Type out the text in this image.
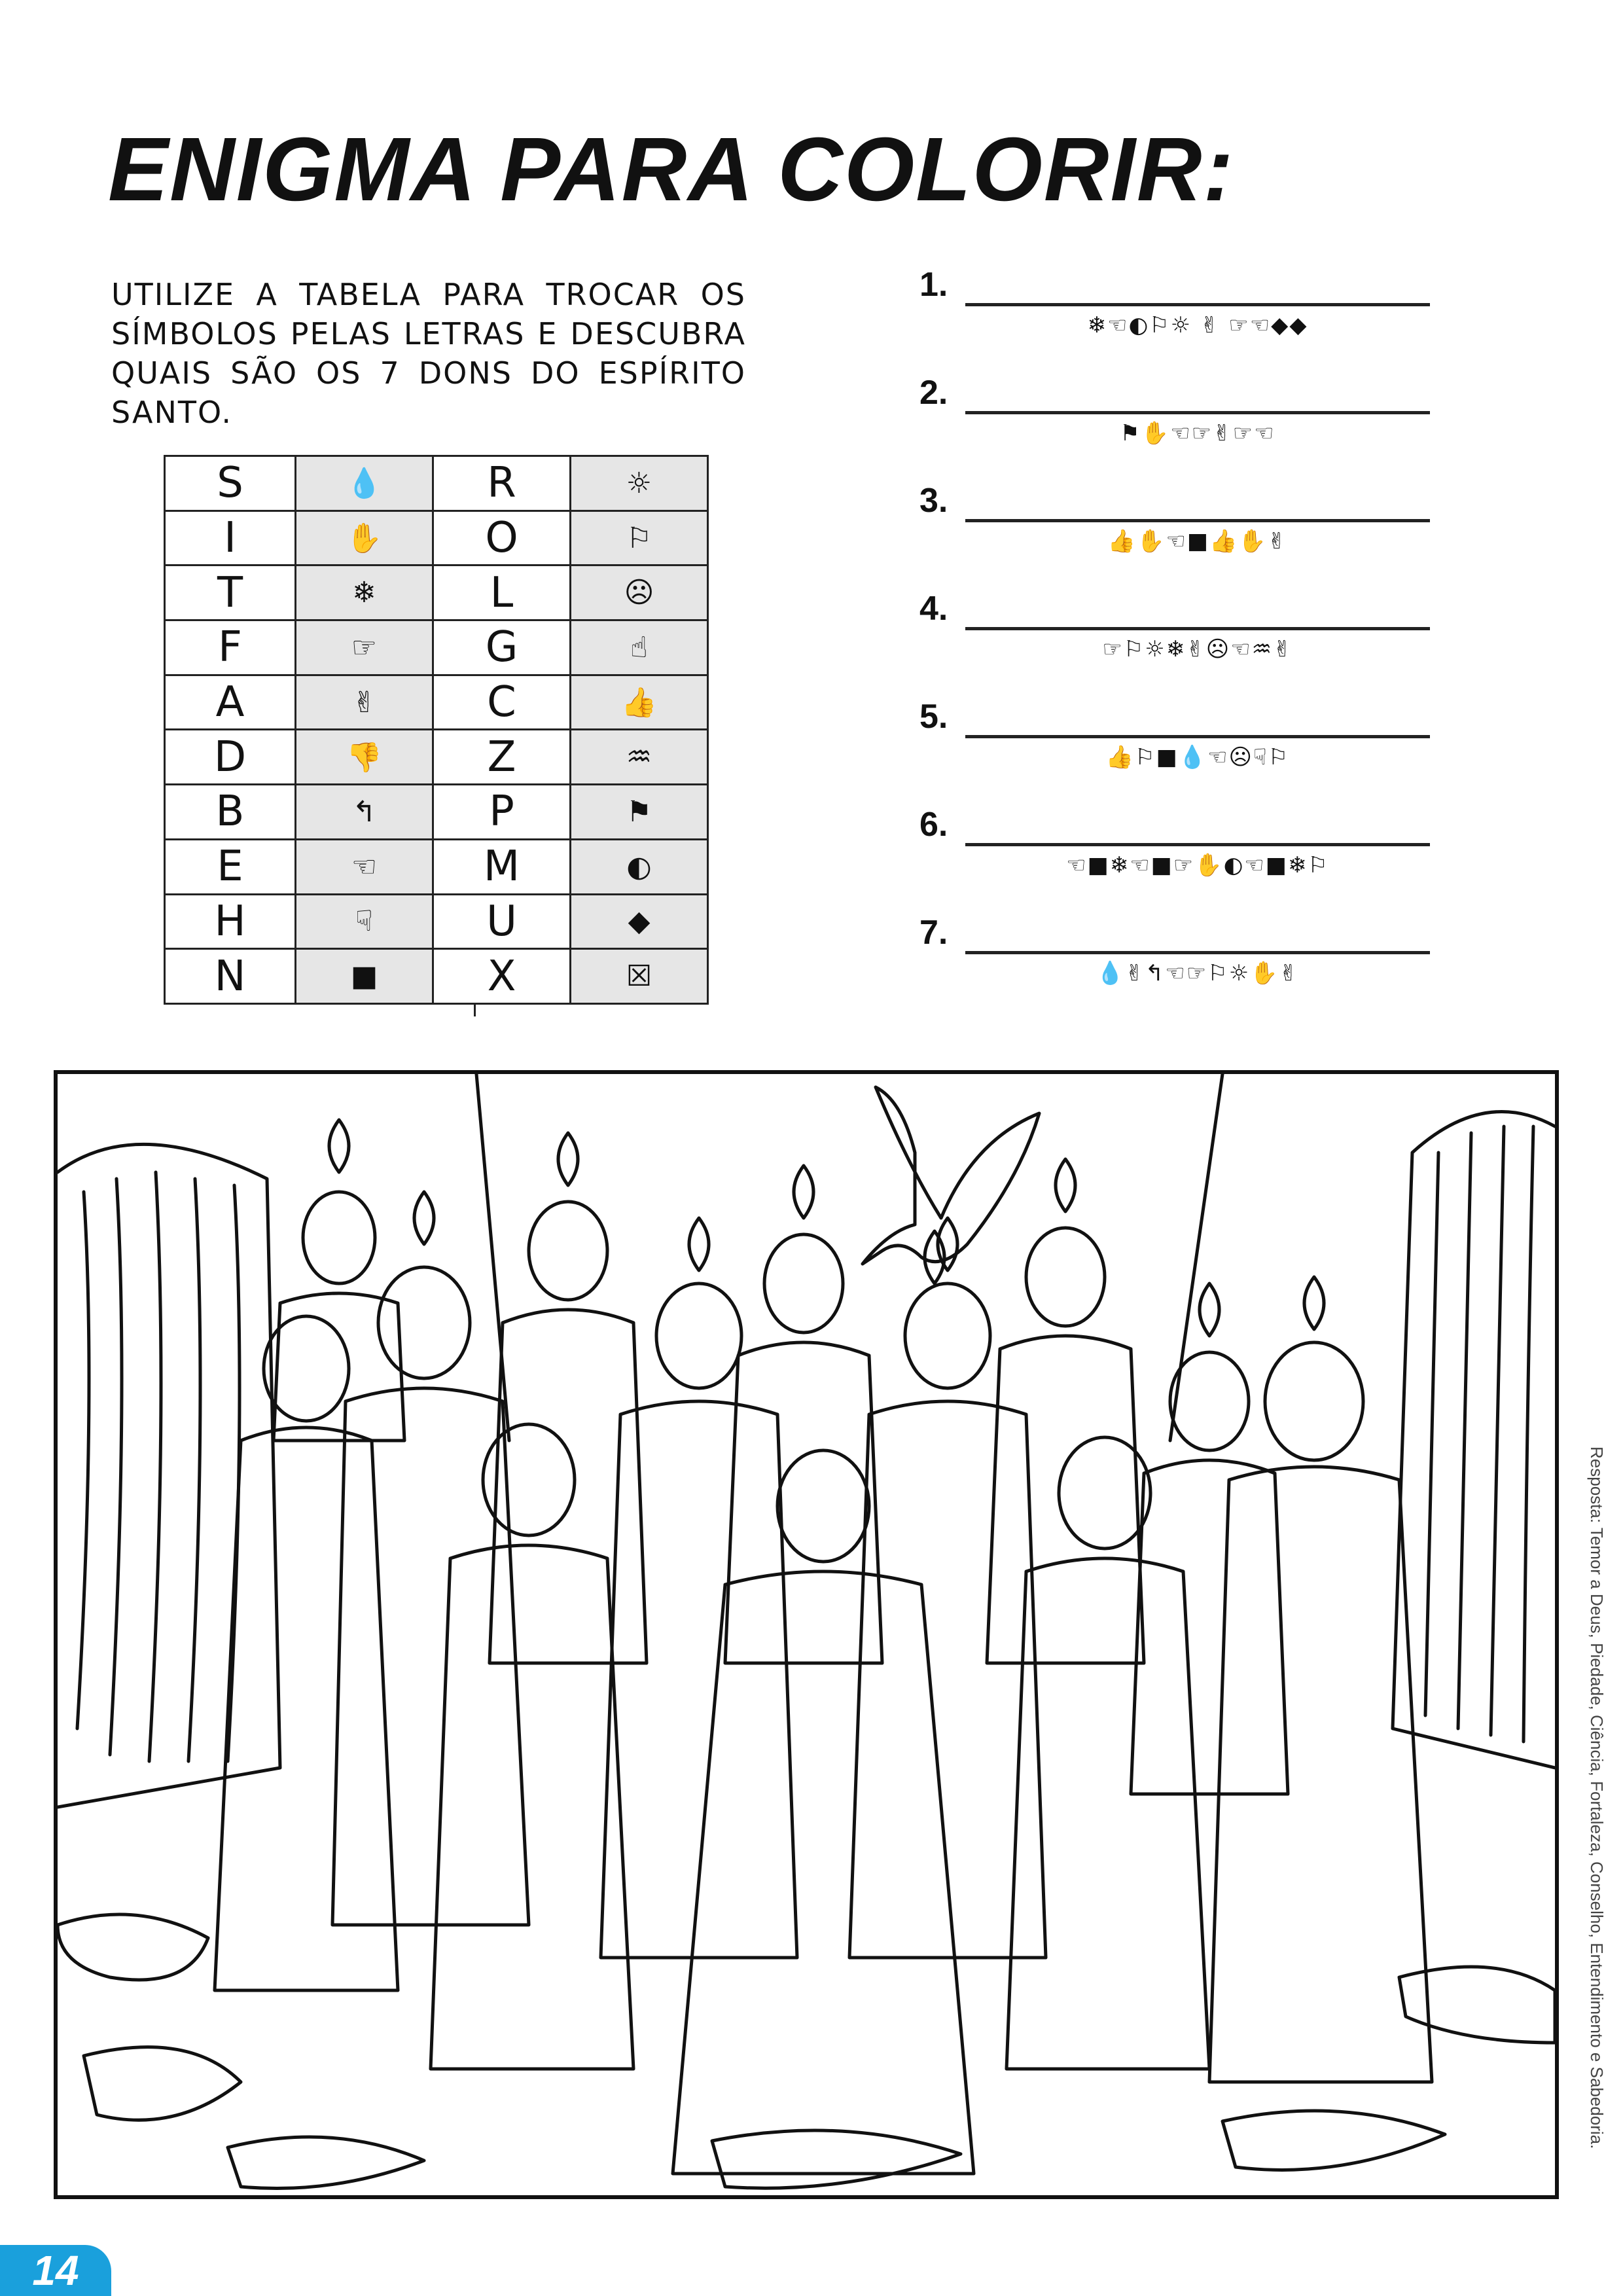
ENIGMA PARA COLORIR:

UTILIZE A TABELA PARA TROCAR OS SÍMBOLOS PELAS LETRAS E DESCUBRA QUAIS SÃO OS 7 DONS DO ESPÍRITO SANTO.

S	💧	R	☼
I	✋	O	⚐
T	❄	L	☹
F	☞	G	☝
A	✌	C	👍
D	👎	Z	♒
B	↰	P	⚑
E	☜	M	◐
H	☟	U	◆
N	■	X	☒
1.
❄☜◐⚐☼ ✌ ☞☜◆◆
2.
⚑✋☜☞✌☞☜
3.
👍✋☜■👍✋✌
4.
☞⚐☼❄✌☹☜♒✌
5.
👍⚐■💧☜☹☟⚐
6.
☜■❄☜■☞✋◐☜■❄⚐
7.
💧✌↰☜☞⚐☼✋✌
Resposta: Temor a Deus, Piedade, Ciência, Fortaleza, Conselho, Entendimento e Sabedoria.
14
